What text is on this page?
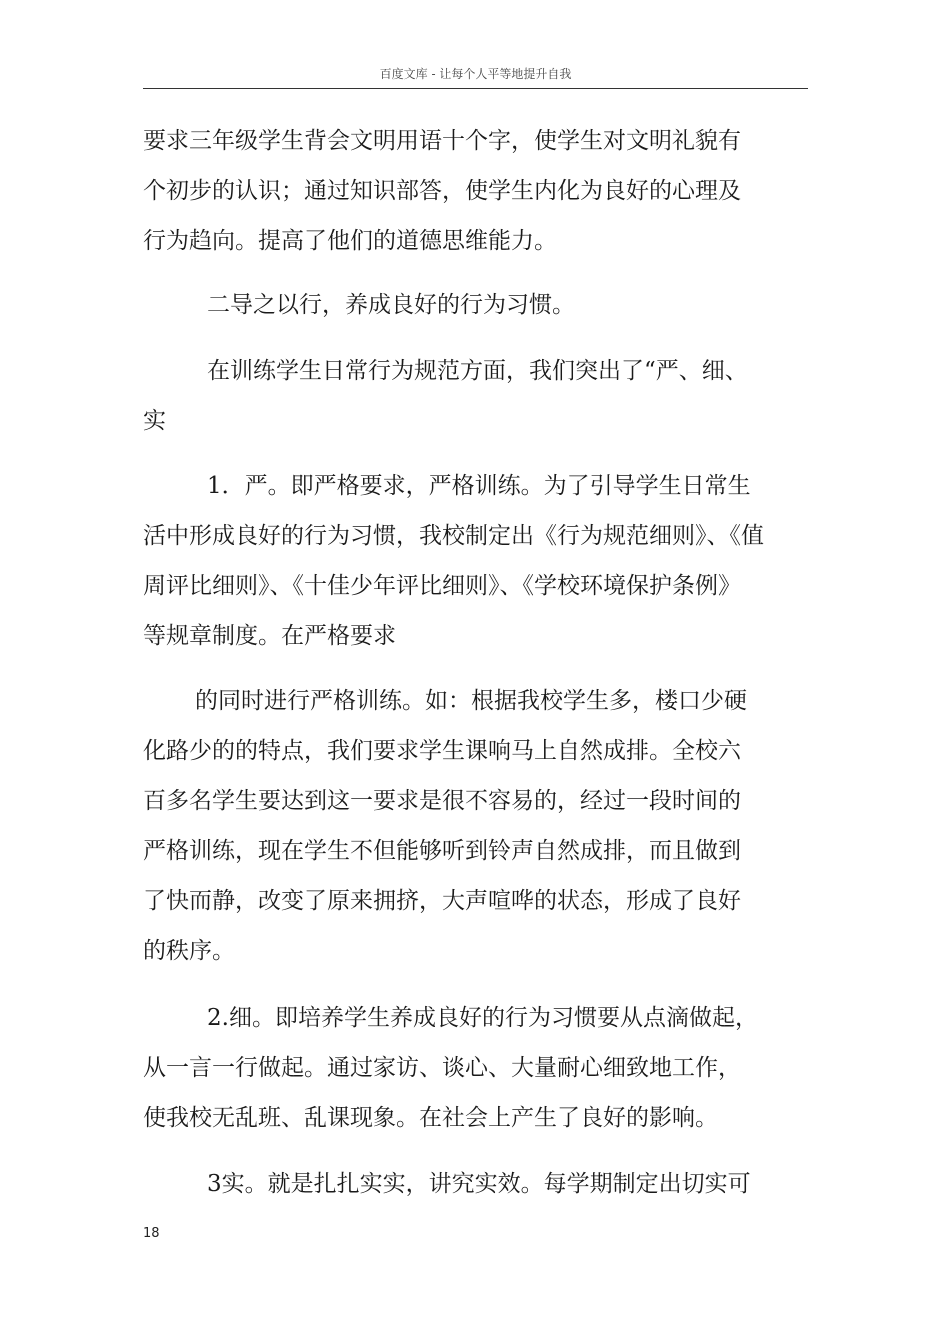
百度文库 - 让每个人平等地提升自我
要求三年级学生背会文明用语十个字，使学生对文明礼貌有
个初步的认识；通过知识部答，使学生内化为良好的心理及
行为趋向。提高了他们的道德思维能力。
二导之以行，养成良好的行为习惯。
在训练学生日常行为规范方面，我们突出了“严、细、
实
1．严。即严格要求，严格训练。为了引导学生日常生
活中形成良好的行为习惯，我校制定出《行为规范细则》、《值
周评比细则》、《十佳少年评比细则》、《学校环境保护条例》
等规章制度。在严格要求
的同时进行严格训练。如：根据我校学生多，楼口少硬
化路少的的特点，我们要求学生课响马上自然成排。全校六
百多名学生要达到这一要求是很不容易的，经过一段时间的
严格训练，现在学生不但能够听到铃声自然成排，而且做到
了快而静，改变了原来拥挤，大声喧哗的状态，形成了良好
的秩序。
2.细。即培养学生养成良好的行为习惯要从点滴做起，
从一言一行做起。通过家访、谈心、大量耐心细致地工作，
使我校无乱班、乱课现象。在社会上产生了良好的影响。
3实。就是扎扎实实，讲究实效。每学期制定出切实可
18
